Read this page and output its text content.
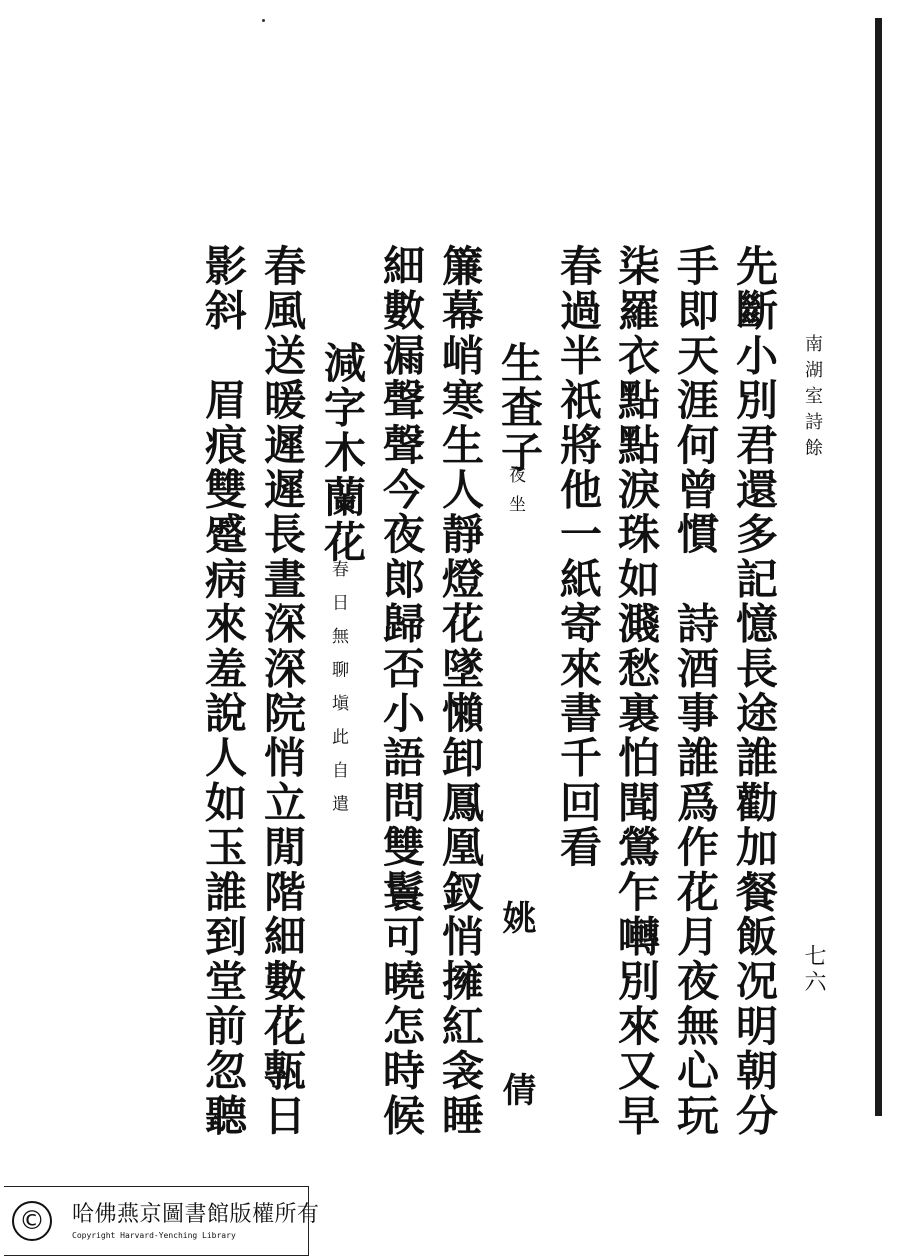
南湖室詩餘
七六
先斷小別君還多記憶長途誰勸加餐飯况明朝分
手即天涯何曾慣　詩酒事誰爲作花月夜無心玩
柒羅衣點點淚珠如濺愁裏怕聞鶯乍囀別來又早
春過半祇將他一紙寄來書千回看
生査子
夜坐
姚　倩
簾幕峭寒生人靜燈花墜懶卸鳳凰釵悄擁紅衾睡
細數漏聲聲今夜郎歸否小語問雙鬟可曉怎時候
減字木蘭花
春日無聊塡此自遣
春風送暖遲遲長晝深深院悄立閒階細數花甎日
影斜　眉痕雙蹙病來羞說人如玉誰到堂前忽聽
©	哈佛燕京圖書館版權所有
Copyright Harvard-Yenching Library
